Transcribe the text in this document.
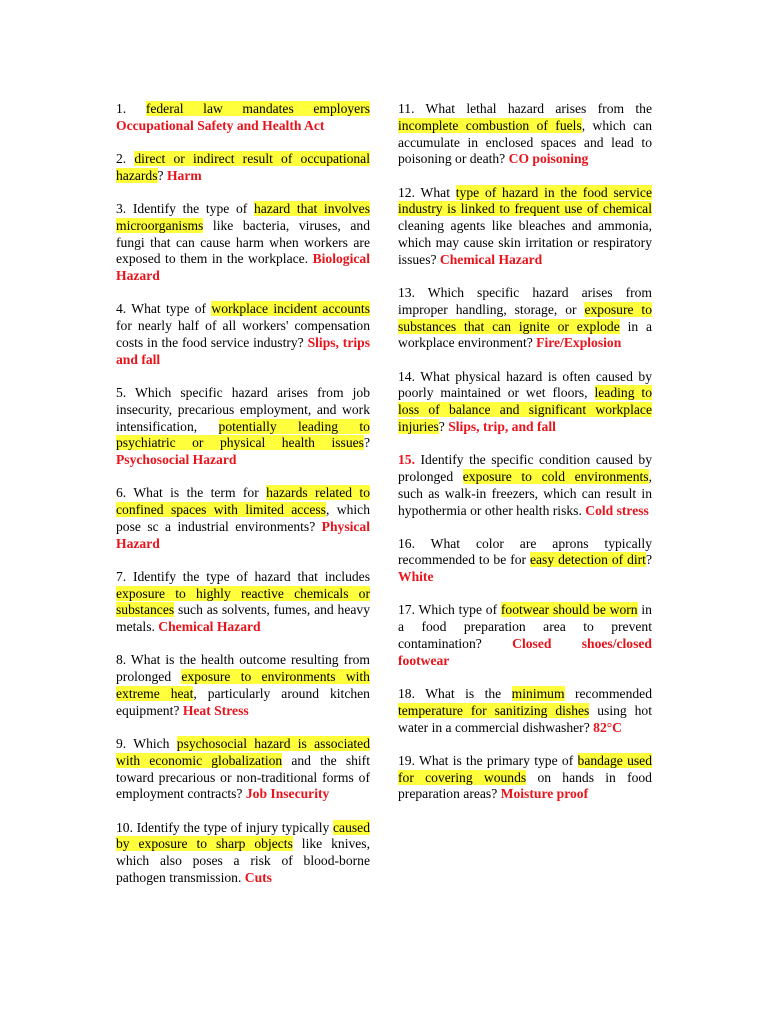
1. federal law mandates employers Occupational Safety and Health Act

2. direct or indirect result of occupational hazards? Harm

3. Identify the type of hazard that involves microorganisms like bacteria, viruses, and fungi that can cause harm when workers are exposed to them in the workplace. Biological Hazard

4. What type of workplace incident accounts for nearly half of all workers' compensation costs in the food service industry? Slips, trips and fall

5. Which specific hazard arises from job insecurity, precarious employment, and work intensification, potentially leading to psychiatric or physical health issues? Psychosocial Hazard

6. What is the term for hazards related to confined spaces with limited access, which pose sc a industrial environments? Physical Hazard

7. Identify the type of hazard that includes exposure to highly reactive chemicals or substances such as solvents, fumes, and heavy metals. Chemical Hazard

8. What is the health outcome resulting from prolonged exposure to environments with extreme heat, particularly around kitchen equipment? Heat Stress

9. Which psychosocial hazard is associated with economic globalization and the shift toward precarious or non-traditional forms of employment contracts? Job Insecurity

10. Identify the type of injury typically caused by exposure to sharp objects like knives, which also poses a risk of blood-borne pathogen transmission. Cuts

11. What lethal hazard arises from the incomplete combustion of fuels, which can accumulate in enclosed spaces and lead to poisoning or death? CO poisoning

12. What type of hazard in the food service industry is linked to frequent use of chemical cleaning agents like bleaches and ammonia, which may cause skin irritation or respiratory issues? Chemical Hazard

13. Which specific hazard arises from improper handling, storage, or exposure to substances that can ignite or explode in a workplace environment? Fire/Explosion

14. What physical hazard is often caused by poorly maintained or wet floors, leading to loss of balance and significant workplace injuries? Slips, trip, and fall

15. Identify the specific condition caused by prolonged exposure to cold environments, such as walk-in freezers, which can result in hypothermia or other health risks. Cold stress

16. What color are aprons typically recommended to be for easy detection of dirt? White

17. Which type of footwear should be worn in a food preparation area to prevent contamination? Closed shoes/closed footwear

18. What is the minimum recommended temperature for sanitizing dishes using hot water in a commercial dishwasher? 82°C

19. What is the primary type of bandage used for covering wounds on hands in food preparation areas? Moisture proof
